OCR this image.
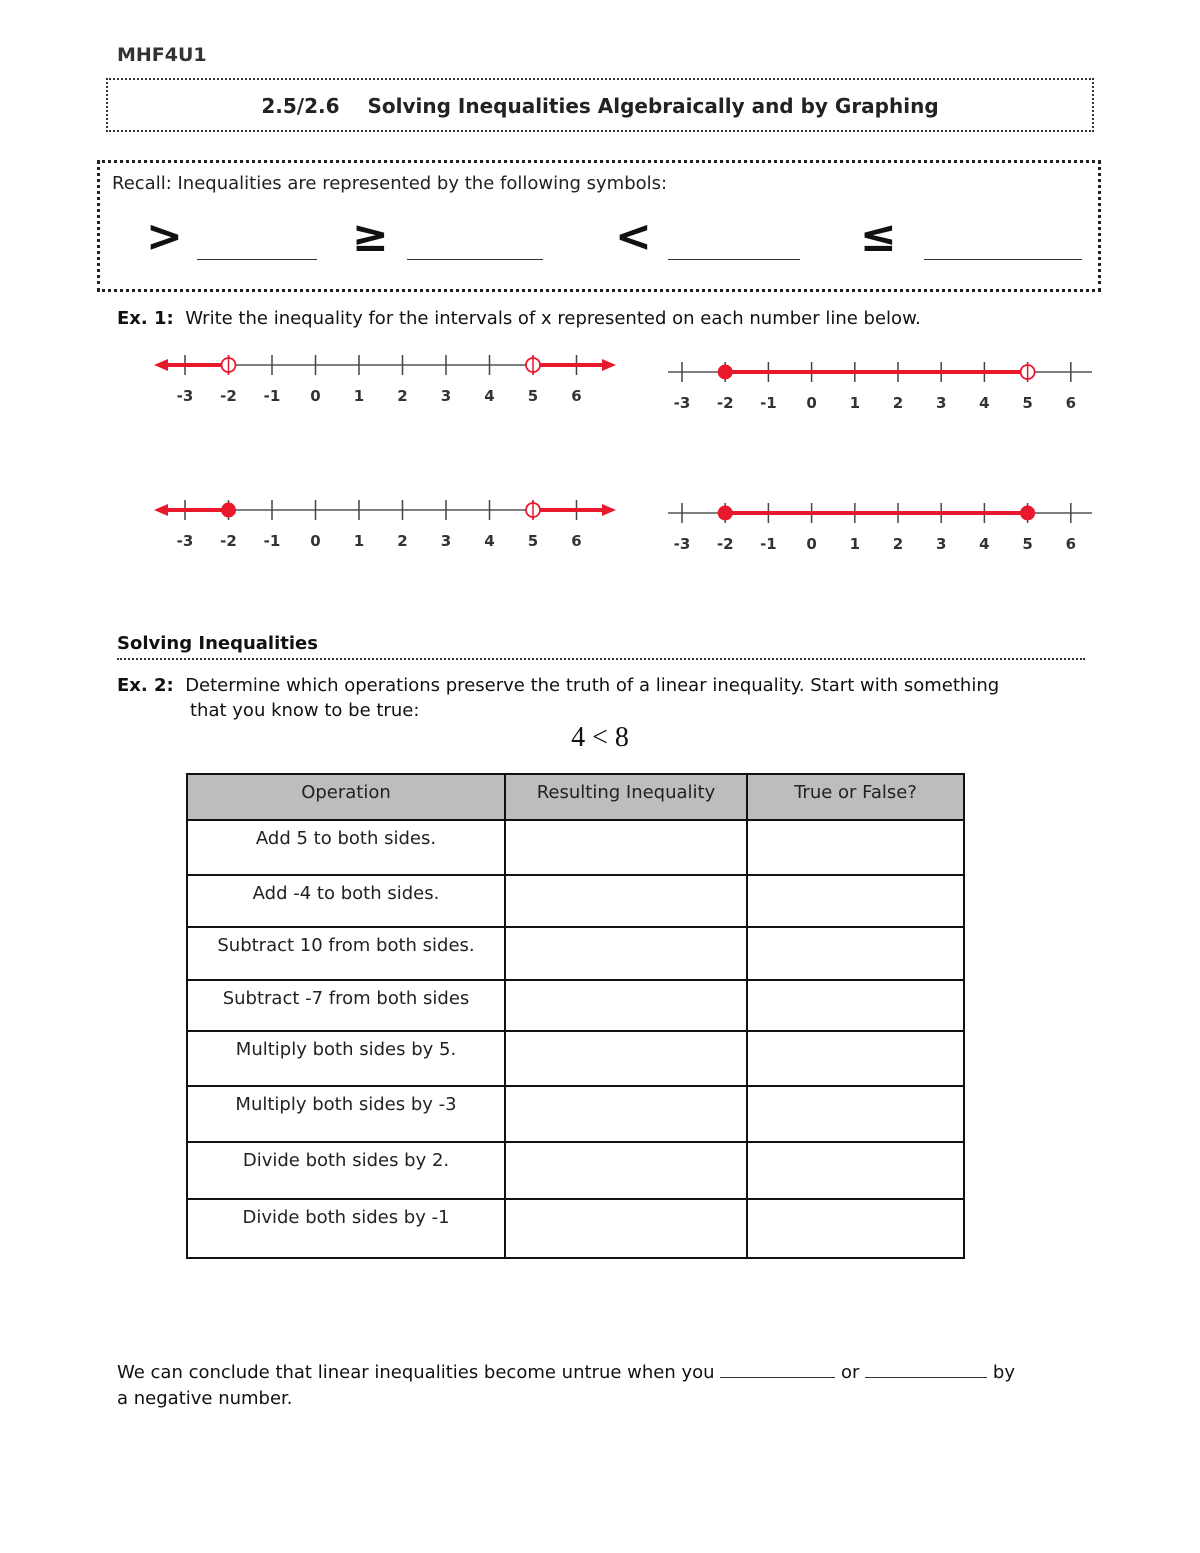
MHF4U1
2.5/2.6 Solving Inequalities Algebraically and by Graphing
Recall: Inequalities are represented by the following symbols:
>	≥	<	≤
Ex. 1: Write the inequality for the intervals of x represented on each number line below.
-3 -2 -1 0 1 2 3 4 5 6	-3 -2 -1 0 1 2 3 4 5 6
-3 -2 -1 0 1 2 3 4 5 6	-3 -2 -1 0 1 2 3 4 5 6
Solving Inequalities
Ex. 2: Determine which operations preserve the truth of a linear inequality. Start with something
that you know to be true:
4 < 8
Operation	Resulting Inequality	True or False?
Add 5 to both sides.		
Add -4 to both sides.		
Subtract 10 from both sides.		
Subtract -7 from both sides		
Multiply both sides by 5.		
Multiply both sides by -3		
Divide both sides by 2.		
Divide both sides by -1		
We can conclude that linear inequalities become untrue when you	or	by
a negative number.
